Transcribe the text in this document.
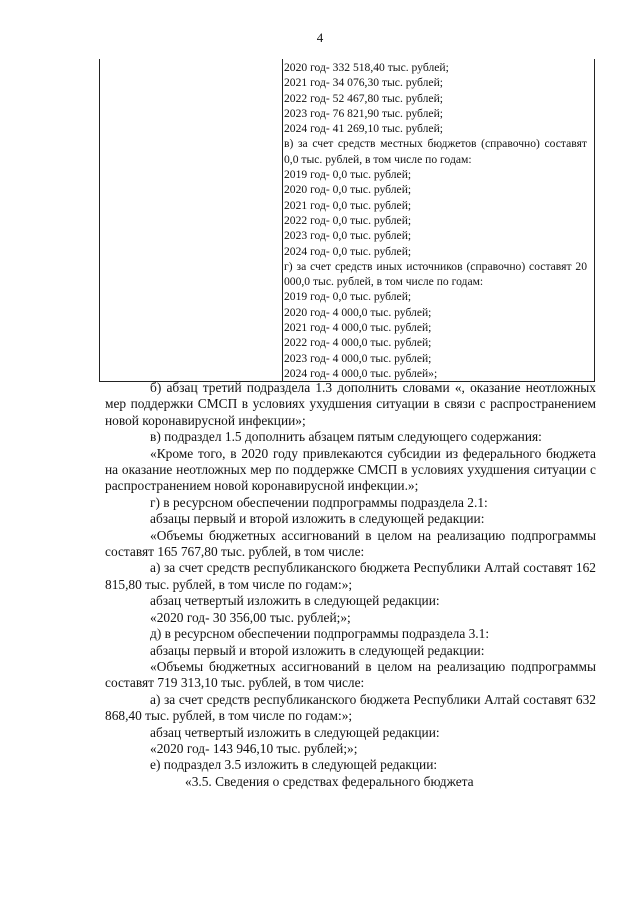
4
2020 год- 332 518,40 тыс. рублей;
2021 год- 34 076,30 тыс. рублей;
2022 год- 52 467,80 тыс. рублей;
2023 год- 76 821,90 тыс. рублей;
2024 год- 41 269,10 тыс. рублей;
в) за счет средств местных бюджетов (справочно) составят 0,0 тыс. рублей, в том числе по годам:
2019 год- 0,0 тыс. рублей;
2020 год- 0,0 тыс. рублей;
2021 год- 0,0 тыс. рублей;
2022 год- 0,0 тыс. рублей;
2023 год- 0,0 тыс. рублей;
2024 год- 0,0 тыс. рублей;
г) за счет средств иных источников (справочно) составят 20 000,0 тыс. рублей, в том числе по годам:
2019 год- 0,0 тыс. рублей;
2020 год- 4 000,0 тыс. рублей;
2021 год- 4 000,0 тыс. рублей;
2022 год- 4 000,0 тыс. рублей;
2023 год- 4 000,0 тыс. рублей;
2024 год- 4 000,0 тыс. рублей»;

б) абзац третий подраздела 1.3 дополнить словами «, оказание неотложных мер поддержки СМСП в условиях ухудшения ситуации в связи с распространением новой коронавирусной инфекции»;

в) подраздел 1.5 дополнить абзацем пятым следующего содержания:

«Кроме того, в 2020 году привлекаются субсидии из федерального бюджета на оказание неотложных мер по поддержке СМСП в условиях ухудшения ситуации с распространением новой коронавирусной инфекции.»;

г) в ресурсном обеспечении подпрограммы подраздела 2.1:

абзацы первый и второй изложить в следующей редакции:

«Объемы бюджетных ассигнований в целом на реализацию подпрограммы составят 165 767,80 тыс. рублей, в том числе:

а) за счет средств республиканского бюджета Республики Алтай составят 162 815,80 тыс. рублей, в том числе по годам:»;

абзац четвертый изложить в следующей редакции:

«2020 год- 30 356,00 тыс. рублей;»;

д) в ресурсном обеспечении подпрограммы подраздела 3.1:

абзацы первый и второй изложить в следующей редакции:

«Объемы бюджетных ассигнований в целом на реализацию подпрограммы составят 719 313,10 тыс. рублей, в том числе:

а) за счет средств республиканского бюджета Республики Алтай составят 632 868,40 тыс. рублей, в том числе по годам:»;

абзац четвертый изложить в следующей редакции:

«2020 год- 143 946,10 тыс. рублей;»;

е) подраздел 3.5 изложить в следующей редакции:

«3.5. Сведения о средствах федерального бюджета
